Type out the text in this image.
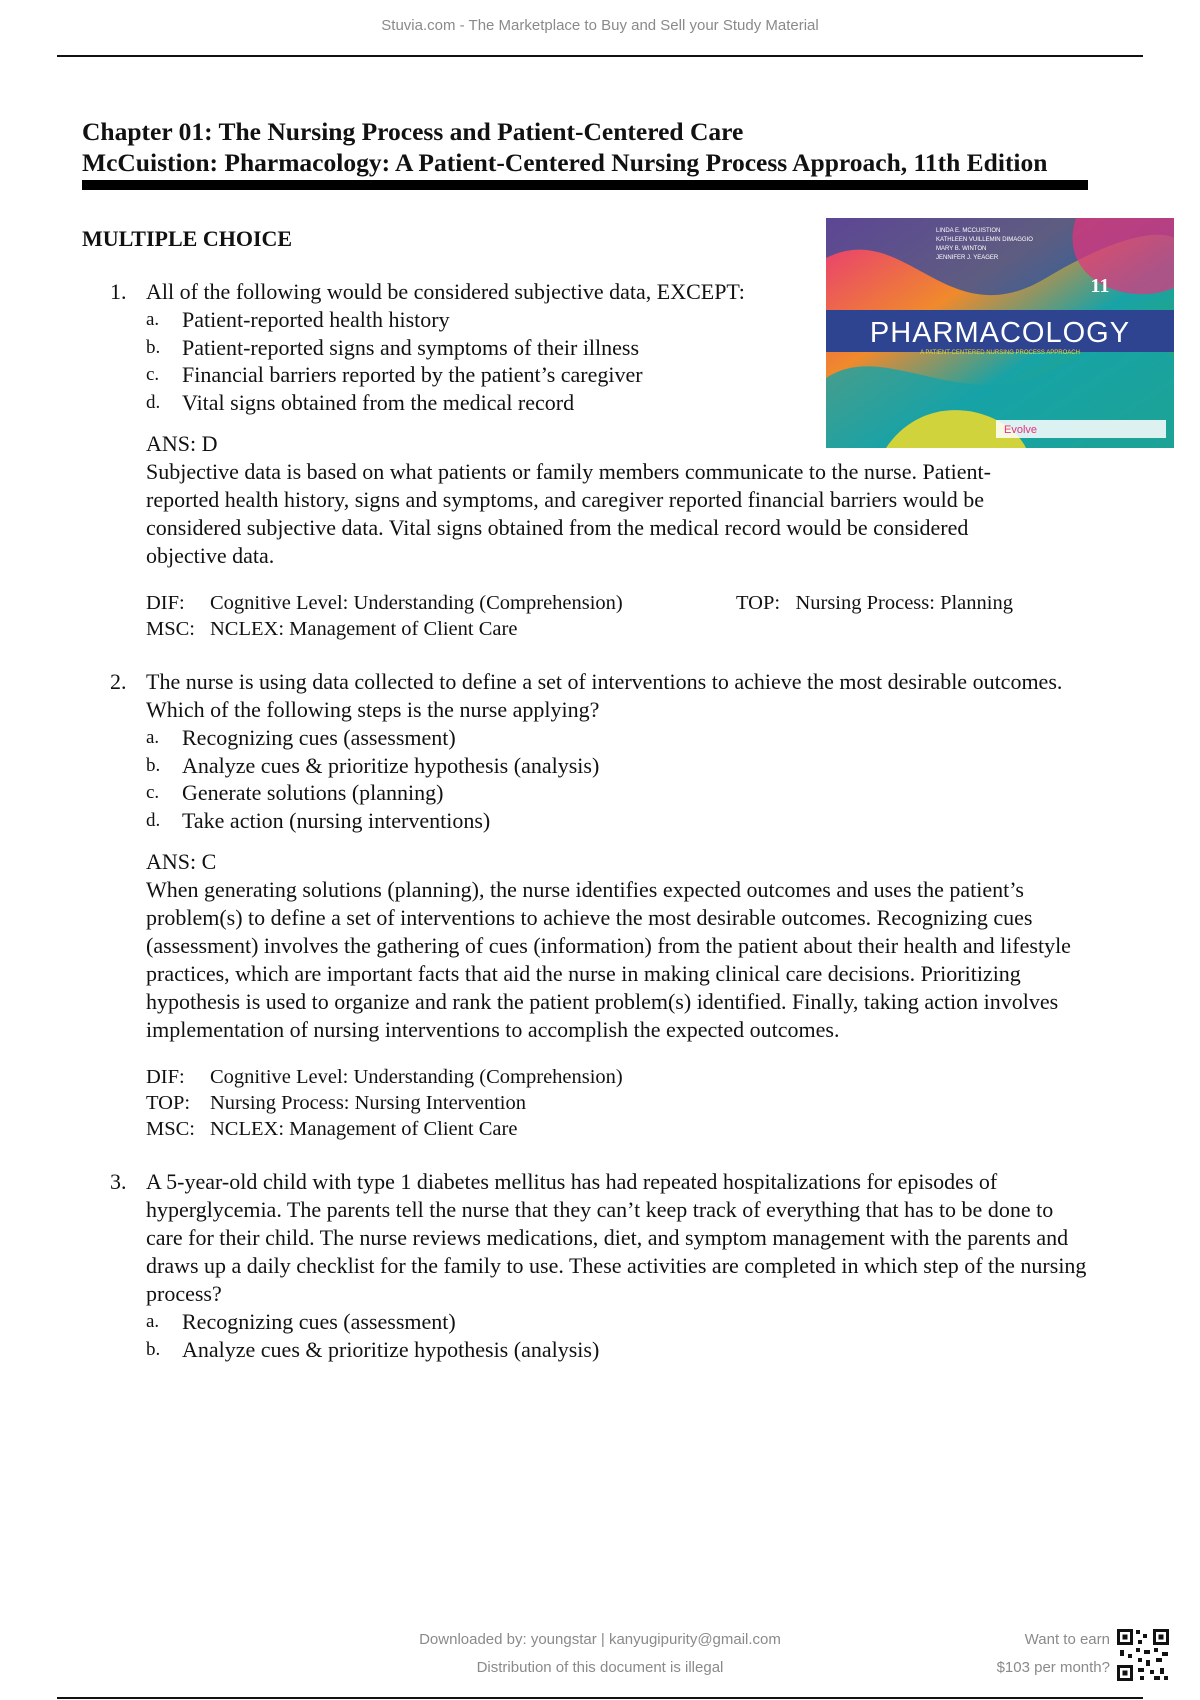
Stuvia.com - The Marketplace to Buy and Sell your Study Material

Chapter 01: The Nursing Process and Patient-Centered Care

McCuistion: Pharmacology: A Patient-Centered Nursing Process Approach, 11th Edition

MULTIPLE CHOICE

PHARMACOLOGY
A PATIENT-CENTERED NURSING PROCESS APPROACH
LINDA E. MCCUISTION
KATHLEEN VUILLEMIN DIMAGGIO
MARY B. WINTON
JENNIFER J. YEAGER
11
Evolve
1. All of the following would be considered subjective data, EXCEPT:
a. Patient-reported health history
b. Patient-reported signs and symptoms of their illness
c. Financial barriers reported by the patient’s caregiver
d. Vital signs obtained from the medical record
ANS: D
Subjective data is based on what patients or family members communicate to the nurse. Patient-reported health history, signs and symptoms, and caregiver reported financial barriers would be considered subjective data. Vital signs obtained from the medical record would be considered objective data.
DIF: Cognitive Level: Understanding (Comprehension)	TOP: Nursing Process: Planning
MSC: NCLEX: Management of Client Care
2. The nurse is using data collected to define a set of interventions to achieve the most desirable outcomes. Which of the following steps is the nurse applying?
a. Recognizing cues (assessment)
b. Analyze cues & prioritize hypothesis (analysis)
c. Generate solutions (planning)
d. Take action (nursing interventions)
ANS: C
When generating solutions (planning), the nurse identifies expected outcomes and uses the patient’s problem(s) to define a set of interventions to achieve the most desirable outcomes. Recognizing cues (assessment) involves the gathering of cues (information) from the patient about their health and lifestyle practices, which are important facts that aid the nurse in making clinical care decisions. Prioritizing hypothesis is used to organize and rank the patient problem(s) identified. Finally, taking action involves implementation of nursing interventions to accomplish the expected outcomes.
DIF: Cognitive Level: Understanding (Comprehension)
TOP: Nursing Process: Nursing Intervention
MSC: NCLEX: Management of Client Care
3. A 5-year-old child with type 1 diabetes mellitus has had repeated hospitalizations for episodes of hyperglycemia. The parents tell the nurse that they can’t keep track of everything that has to be done to care for their child. The nurse reviews medications, diet, and symptom management with the parents and draws up a daily checklist for the family to use. These activities are completed in which step of the nursing process?
a. Recognizing cues (assessment)
b. Analyze cues & prioritize hypothesis (analysis)
Downloaded by: youngstar | kanyugipurity@gmail.com
Distribution of this document is illegal
Want to earn
$103 per month?
